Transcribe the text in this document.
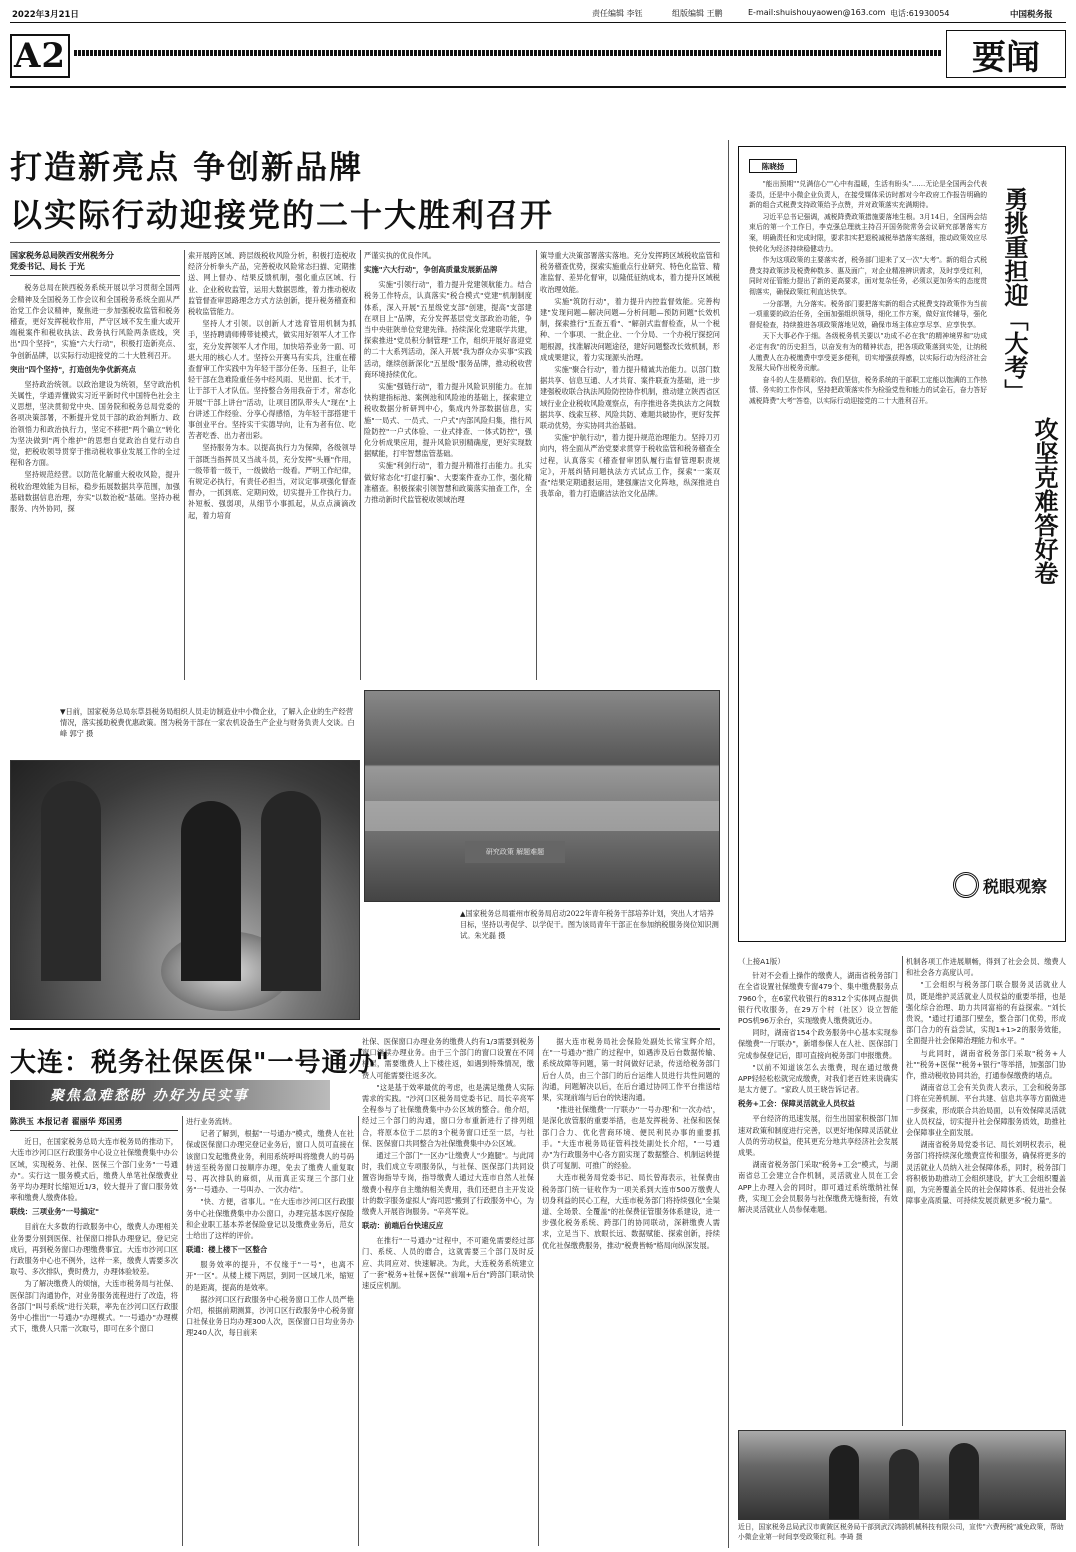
2022年3月21日	责任编辑 李钰	组版编辑 王鹏	E-mail:shuishouyaowen@163.com 电话:61930054	中国税务报
A2	要闻
打造新亮点 争创新品牌
以实际行动迎接党的二十大胜利召开
国家税务总局陕西安州税务分
党委书记、局长 于光

税务总局在陕西税务系统开展以学习贯彻全国两会精神及全国税务工作会议和全国税务系统全面从严治党工作会议精神，聚焦进一步加强税收监管和税务稽查，更好发挥税收作用，严守区域不发生重大或开端税案件和税收执法、政务执行风险两条底线，突出"四个坚持"，实施"六大行动"，积极打造新亮点、争创新品牌，以实际行动迎接党的二十大胜利召开。

突出"四个坚持"，打造创先争优新亮点

坚持政治统领。以政治建设为统领，坚守政治机关属性，学通弄懂做实习近平新时代中国特色社会主义思想，坚决贯彻党中央、国务院和税务总局党委的各项决策部署，不断提升党员干部的政治判断力、政治领悟力和政治执行力，坚定不移把"两个确立"转化为坚决做到"两个维护"的思想自觉政治自觉行动自觉，把税收领导贯穿于推动税收事业发展工作的全过程和各方面。

坚持规范经营。以防范化解重大税收风险，提升税收治理效能为目标，稳步拓展数据共享范围，加强基础数据信息治理，夯实"以数治税"基础。坚持办税服务、内外协同，探

索开展跨区域、跨层级税收风险分析，积极打造税收经济分析拳头产品，完善税收风险常态扫描、定期推送、网上督办、结果反馈机制，强化重点区域、行业、企业税收监管，运用大数据思维，着力推动税收监管督查审思路理念方式方法创新，提升税务稽查和税收监管能力。

坚持人才引领。以创新人才选育管用机制为抓手，坚持聘请师傅带徒模式，做实用好领军人才工作室，充分发挥领军人才作用，加快培养业务一面、可堪大用的核心人才。坚持公开赛马有实兵，注重在稽查督审工作实践中为年轻干部分任务、压担子，让年轻干部在急难险重任务中经风雨、见世面、长才干，让于部干人才队伍。坚持整合务用我奋于才，常态化开展"干部上讲台"活动，让项目团队带头人"现在"上台讲述工作经验、分享心得感悟，为年轻干部搭建干事创业平台。坚持实干实德导向，让有为者有位、吃苦者吃香、出力者出彩。

坚持服务为本。以提高执行力为保障，各级领导干部既当指挥员又当战斗员，充分发挥"头雁"作用，一级带着一级干，一级做给一级看。严明工作纪律，有规定必执行，有责任必担当，对议定事项强化督查督办，一抓到底、定期问效，切实提升工作执行力。补短板、强弱项，从细节小事抓起，从点点滴滴改起，着力培育

严谨实执的优良作风。

实施"六大行动"，争创高质量发展新品牌

实施"引领行动"，着力提升党建领航能力。结合税务工作特点，认真落实"税合模式"党建"机制制度体系，深入开展"五星级党支部"创建，提高"支部建在项目上"品牌，充分发挥基层党支部政治功能，争当中央驻陕单位党建先锋。持续深化党建联学共建，探索推进"党员积分制管理"工作，组织开展好喜迎党的二十大系列活动，深入开展"我为群众办实事"实践活动，继续创新深化"五星级"服务品牌，推动税收营商环境持续优化。

实施"强链行动"，着力提升风险识别能力。在加快构建指标池、案例池和风险池的基础上，探索建立税收数据分析研判中心，集成内外部数据信息，实施"一局式、一员式、一户式"内部风险归集，推行风险防控"一户式体验、一业式排查、一体式防控"，强化分析成果应用，提升风险识别精确度，更好实现数据赋能，打牢智慧监管基础。

实施"利剑行动"，着力提升精准打击能力。扎实做好常态化"打虚打骗"、大要案件查办工作，强化精准稽查。积极探索引领智慧和政策落实抽查工作，全力推动新时代监管税收领域治理

策导重大决策部署落实落地。充分发挥跨区域税收监管和税务稽查优势，探索实施重点行业研究、特色化监管、精准监督、差异化督审，以隆低征纳成本，着力提升区域税收治理效能。

实施"筑防行动"，着力提升内控监督效能。完善构建"发现问题—解决问题—分析问题—预防问题"长效机制，探索推行"五查五看"、"解剖式监督检查，从一个税种、一个事项、一批企业、一个分局、一个办税厅探挖问题根源，找准解决问题途径，建好问题整改长效机制，形成成果建议，着力实现源头治理。

实施"聚合行动"，着力提升精诚共治能力。以部门数据共享、信息互通、人才共育、案件联查为基础，进一步建强税收联合执法风险防控协作机制，推动建立陕西省区域行业企业税收风险观察点，有序推进各类执法方之间数据共享、线索互移、风险共防、难题共破协作，更好发挥联动优势，夯实协同共治基础。

实施"护航行动"，着力提升规范治理能力。坚持刀刃向内，将全面从严治党要求贯穿于税收监管和税务稽查全过程，认真落实《稽查督审团队履行监督管理职责规定》，开展纠错问题执法方式试点工作，探索"一案双查"结果定期通报运用，建强廉洁文化阵地，纵深推进自我革命，着力打造廉洁法治文化品牌。

▼日前，国家税务总局东草县税务局组织人员走访制造业中小微企业，了解入企业的生产经营情况，落实援助税费优惠政策。图为税务干部在一家农机设备生产企业与财务负责人交谈。白峰 郭宁 摄
研究政策 解题难题
▲国家税务总局霍州市税务局启动2022年青年税务干部培养计划，突出人才培养目标，坚持以考促学、以学促干。图为该局青年干部正在参加纳税服务岗位知识测试。朱光磊 摄
陈晓扬

"能出预期""兑满信心""心中有温暖，生活有盼头"……无论是全国两会代表委员，还是中小微企业负责人，在接受媒体采访时都对今年政府工作报告明确的新的组合式税费支持政策给予点赞，并对政策落实充满期待。

习近平总书记强调，减税降费政策措施要落地生根。3月14日，全国两会结束后的第一个工作日，李克强总理就主持召开国务院常务会议研究部署落实方案，明确责任和完成时限，要求扣实把退税减税举措落实落细，推动政策效应尽快转化为经济持续稳健动力。

作为这项政策的主要落实者，税务部门迎来了又一次"大考"。新的组合式税费支持政策涉及税费种数多、惠及面广，对企业精准辨识需求，及时享受红利，同时对征管能力提出了新的更高要求，面对复杂任务，必须以更加务实的态度贯彻落实，确保政策红利直达快享。

一分部署，九分落实。税务部门要把落实新的组合式税费支持政策作为当前一项重要的政治任务，全面加强组织领导，细化工作方案，做好宣传辅导，强化督促检查，持续推进各项政策落地见效，确保市场主体应享尽享、应享快享。

天下大事必作于细。各级税务机关要以"功成不必在我"的精神境界和"功成必定有我"的历史担当，以奋发有为的精神状态，把各项政策落到实处，让纳税人缴费人在办税缴费中享受更多便利，切实增强获得感，以实际行动为经济社会发展大局作出税务贡献。

奋斗的人生是精彩的。我们坚信，税务系统的干部职工定能以饱满的工作热情、务实的工作作风，坚持把政策落实作为检验党性和能力的试金石，奋力答好减税降费"大考"答卷，以实际行动迎接党的二十大胜利召开。	勇挑重担迎「大考」
攻坚克难答好卷
税眼观察
（上接A1版）

针对不会看上操作的缴费人，湖南省税务部门在全省设置社保缴费专窗479个、集中缴费服务点7960个，在6家代收银行的8312个实体网点提供银行代收服务，在29万个村（社区）设立智能POS机96万余台，实现缴费人缴费就近办。

同时，湖南省154个政务服务中心基本实现参保缴费"一厅联办"，新增参保人在人社、医保部门完成参保登记后，即可直接向税务部门申报缴费。

"以前不知道该怎么去缴费，现在通过缴费APP轻轻松松就完成缴费，对我们老百姓来说确实是太方便了。"家政人员王晓告诉记者。

税务+工会：保障灵活就业人员权益

平台经济的迅速发展，衍生出国家积极部门加速对政策和制度进行完善，以更好地保障灵活就业人员的劳动权益，使其更充分地共享经济社会发展成果。

湖南省税务部门采取"税务+工会"模式，与湖南省总工会建立合作机制，灵活就业人员在工会APP上办理入会的同时，即可通过系统缴纳社保费，实现工会会员服务与社保缴费无缝衔接，有效解决灵活就业人员参保难题。

机制各项工作进展顺畅，得到了社会会员、缴费人和社会各方高度认可。

"工会组织与税务部门联合服务灵活就业人员，既是维护灵活就业人员权益的重要举措，也是强化综合治理、助力共同富裕的有益探索。"刘长贵说，"通过打通部门壁垒，整合部门优势，形成部门合力的有益尝试，实现1+1>2的服务效能，全面提升社会保障治理能力和水平。"

与此同时，湖南省税务部门采取"税务+人社""税务+医保""税务+银行"等举措，加强部门协作，推动税收协同共治，打通参保缴费的堵点。

湖南省总工会有关负责人表示，工会和税务部门将在完善机制、平台共建、信息共享等方面做进一步探索，形成联合共治局面，以有效保障灵活就业人员权益，切实提升社会保障服务质效，助推社会保障事业全面发展。

湖南省税务局党委书记、局长刘明权表示，税务部门将持续深化缴费宣传和服务，确保将更多的灵活就业人员纳入社会保障体系，同时，税务部门将积极协助推动工会组织建设，扩大工会组织覆盖面，为完善覆盖全民的社会保障体系、促进社会保障事业高质量、可持续发展贡献更多"税力量"。

近日，国家税务总局武汉市黄陂区税务局干部到武汉鸿鹄机械科技有限公司，宣传"六费两税"减免政策，帮助小微企业第一时间享受政策红利。李琦 摄
大连：税务社保医保"一号通办"
聚焦急难愁盼 办好为民实事
陈洪玉 本报记者 翟丽华 郑国勇

近日，在国家税务总局大连市税务局的推动下，大连市沙河口区行政服务中心设立社保缴费集中办公区域，实现税务、社保、医保三个部门业务"一号通办"。实行这一服务模式后，缴费人单笔社保缴费业务平均办理时长缩短近1/3，较大提升了窗口服务效率和缴费人缴费体验。

联线：三项业务"一号搞定"

目前在大多数的行政服务中心，缴费人办理相关业务要分别到医保、社保窗口排队办理登记，登记完成后，再到税务窗口办理缴费事宜。大连市沙河口区行政服务中心也不例外，这样一来，缴费人需要多次取号、多次排队，费时费力，办理体验较差。

为了解决缴费人的烦恼，大连市税务局与社保、医保部门沟通协作，对业务服务流程进行了改造，将各部门"叫号系统"进行关联，率先在沙河口区行政服务中心推出"一号通办"办理模式。"一号通办"办理模式下，缴费人只需一次取号，即可在多个窗口

进行业务流转。

记者了解到，根据"一号通办"模式，缴费人在社保或医保窗口办理完登记业务后，窗口人员可直接在该窗口发起缴费业务，利用系统呼叫将缴费人的号码转送至税务窗口按顺序办理，免去了缴费人重复取号、再次排队的麻烦，从而真正实现三个部门业务"一号通办、一号叫办、一次办结"。

"快、方便，省事儿。"在大连市沙河口区行政服务中心社保缴费集中办公窗口，办理完基本医疗保险和企业职工基本养老保险登记以及缴费业务后，范女士给出了这样的评价。

联通：楼上楼下一区整合

服务效率的提升，不仅缘于"一号"，也离不开"一区"。从楼上楼下两层，到同一区域几米，缩短的是距离，提高的是效率。

据沙河口区行政服务中心税务窗口工作人员严艳介绍，根据前期测算，沙河口区行政服务中心税务窗口社保业务日均办理300人次，医保窗口日均业务办理240人次，每日前来

社保、医保窗口办理业务的缴费人约有1/3需要到税务窗口继续办理业务。由于三个部门的窗口设置在不同楼层，需要缴费人上下楼往返，如遇到特殊情况，缴费人可能需要往返多次。

"这是基于效率最优的考虑，也是满足缴费人实际需求的实践。"沙河口区税务局党委书记、局长辛亮军全程参与了社保缴费集中办公区域的整合。他介绍，经过三个部门的沟通，窗口分布重新进行了排列组合，将原本位于二层的3个税务窗口迁至一层，与社保、医保窗口共同整合为社保缴费集中办公区域。

通过三个部门"一区办"让缴费人"少跑腿"。与此同时，我们成立专项服务队，与社保、医保部门共同设置咨询指导专岗，指导缴费人通过大连市自然人社保缴费小程序自主缴纳相关费用，我们还把自主开发设计的数字服务虚拟人"海司思"搬到了行政服务中心，为缴费人开展咨询服务。"辛亮军说。

联动：前端后台快速反应

在推行"一号通办"过程中，不可避免需要经过部门、系统、人员的磨合，这就需要三个部门及时反应、共同应对、快速解决。为此，大连税务系统建立了一套"税务+社保+医保""前端+后台"跨部门联动快速反应机制。

据大连市税务局社会保险处副处长常宝辉介绍，在"一号通办"推广的过程中，如遇涉及后台数据传输、系统故障等问题，第一时间做好记录，传送给税务部门后台人员，由三个部门的后台运维人员进行共性问题的沟通，问题解决以后，在后台通过协同工作平台推送结果，实现前端与后台的快速沟通。

"推进社保缴费'一厅联办''一号办理'和'一次办结'，是深化放管服的重要举措，也是发挥税务、社保和医保部门合力、优化营商环境、便民利民办事的重要抓手。"大连市税务局征管科技处副处长介绍，"一号通办"为行政服务中心各方面实现了数据整合、机制运转提供了可复制、可推广的经验。

大连市税务局党委书记、局长曾海表示，社保费由税务部门统一征收作为一项关系到大连市500万缴费人切身利益的民心工程，大连市税务部门将持续强化"全渠道、全场景、全覆盖"的社保费征管服务体系建设，进一步强化税务系统、跨部门的协同联动，深耕缴费人需求，立足当下、放眼长远、数据赋能、探索创新，持续优化社保缴费服务，推动"税费皆畅"格局向纵深发展。
